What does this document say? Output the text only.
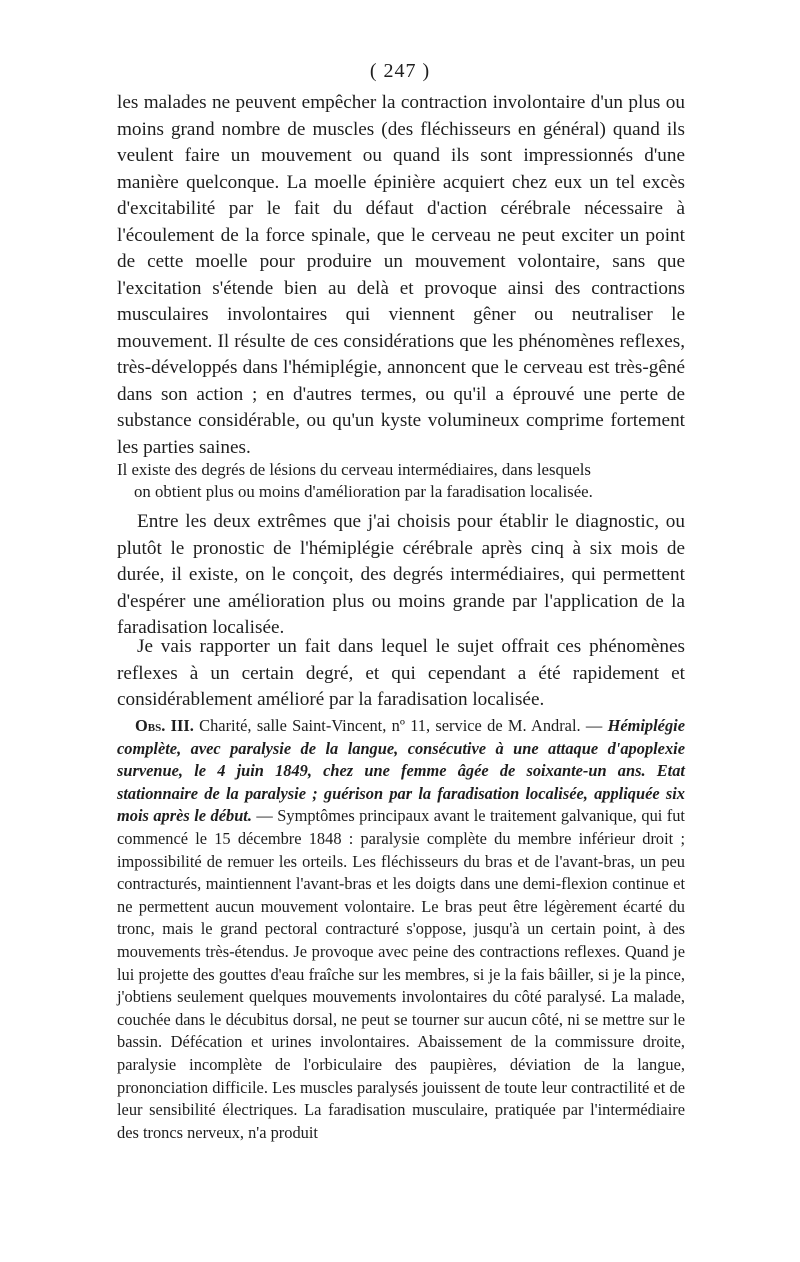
( 247 )

les malades ne peuvent empêcher la contraction involontaire d'un plus ou moins grand nombre de muscles (des fléchisseurs en général) quand ils veulent faire un mouvement ou quand ils sont impressionnés d'une manière quelconque. La moelle épinière acquiert chez eux un tel excès d'excitabilité par le fait du défaut d'action cérébrale nécessaire à l'écoulement de la force spinale, que le cerveau ne peut exciter un point de cette moelle pour produire un mouvement volontaire, sans que l'excitation s'étende bien au delà et provoque ainsi des contractions musculaires involontaires qui viennent gêner ou neutraliser le mouvement. Il résulte de ces considérations que les phénomènes reflexes, très-développés dans l'hémiplégie, annoncent que le cerveau est très-gêné dans son action ; en d'autres termes, ou qu'il a éprouvé une perte de substance considérable, ou qu'un kyste volumineux comprime fortement les parties saines.

Il existe des degrés de lésions du cerveau intermédiaires, dans lesquels
on obtient plus ou moins d'amélioration par la faradisation localisée.

Entre les deux extrêmes que j'ai choisis pour établir le diagnostic, ou plutôt le pronostic de l'hémiplégie cérébrale après cinq à six mois de durée, il existe, on le conçoit, des degrés intermédiaires, qui permettent d'espérer une amélioration plus ou moins grande par l'application de la faradisation localisée.

Je vais rapporter un fait dans lequel le sujet offrait ces phénomènes reflexes à un certain degré, et qui cependant a été rapidement et considérablement amélioré par la faradisation localisée.

Obs. III. Charité, salle Saint-Vincent, nº 11, service de M. Andral. — Hémiplégie complète, avec paralysie de la langue, consécutive à une attaque d'apoplexie survenue, le 4 juin 1849, chez une femme âgée de soixante-un ans. Etat stationnaire de la paralysie ; guérison par la faradisation localisée, appliquée six mois après le début. — Symptômes principaux avant le traitement galvanique, qui fut commencé le 15 décembre 1848 : paralysie complète du membre inférieur droit ; impossibilité de remuer les orteils. Les fléchisseurs du bras et de l'avant-bras, un peu contracturés, maintiennent l'avant-bras et les doigts dans une demi-flexion continue et ne permettent aucun mouvement volontaire. Le bras peut être légèrement écarté du tronc, mais le grand pectoral contracturé s'oppose, jusqu'à un certain point, à des mouvements très-étendus. Je provoque avec peine des contractions reflexes. Quand je lui projette des gouttes d'eau fraîche sur les membres, si je la fais bâiller, si je la pince, j'obtiens seulement quelques mouvements involontaires du côté paralysé. La malade, couchée dans le décubitus dorsal, ne peut se tourner sur aucun côté, ni se mettre sur le bassin. Défécation et urines involontaires. Abaissement de la commissure droite, paralysie incomplète de l'orbiculaire des paupières, déviation de la langue, prononciation difficile. Les muscles paralysés jouissent de toute leur contractilité et de leur sensibilité électriques. La faradisation musculaire, pratiquée par l'intermédiaire des troncs nerveux, n'a produit
